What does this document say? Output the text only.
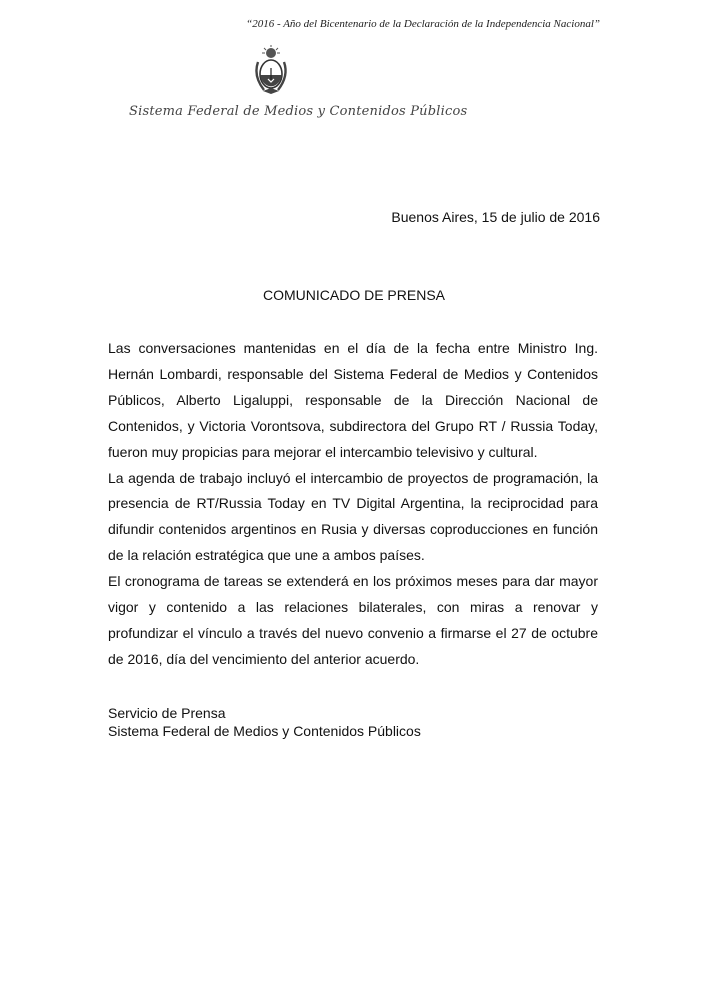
“2016 - Año del Bicentenario de la Declaración de la Independencia Nacional”
Sistema Federal de Medios y Contenidos Públicos
Buenos Aires, 15 de julio de 2016
COMUNICADO DE PRENSA

Las conversaciones mantenidas en el día de la fecha entre Ministro Ing. Hernán Lombardi, responsable del Sistema Federal de Medios y Contenidos Públicos, Alberto Ligaluppi, responsable de la Dirección Nacional de Contenidos, y Victoria Vorontsova, subdirectora del Grupo RT / Russia Today, fueron muy propicias para mejorar el intercambio televisivo y cultural.

La agenda de trabajo incluyó el intercambio de proyectos de programación, la presencia de RT/Russia Today en TV Digital Argentina, la reciprocidad para difundir contenidos argentinos en Rusia y diversas coproducciones en función de la relación estratégica que une a ambos países.

El cronograma de tareas se extenderá en los próximos meses para dar mayor vigor y contenido a las relaciones bilaterales, con miras a renovar y profundizar el vínculo a través del nuevo convenio a firmarse el 27 de octubre de 2016, día del vencimiento del anterior acuerdo.

Servicio de Prensa
Sistema Federal de Medios y Contenidos Públicos
